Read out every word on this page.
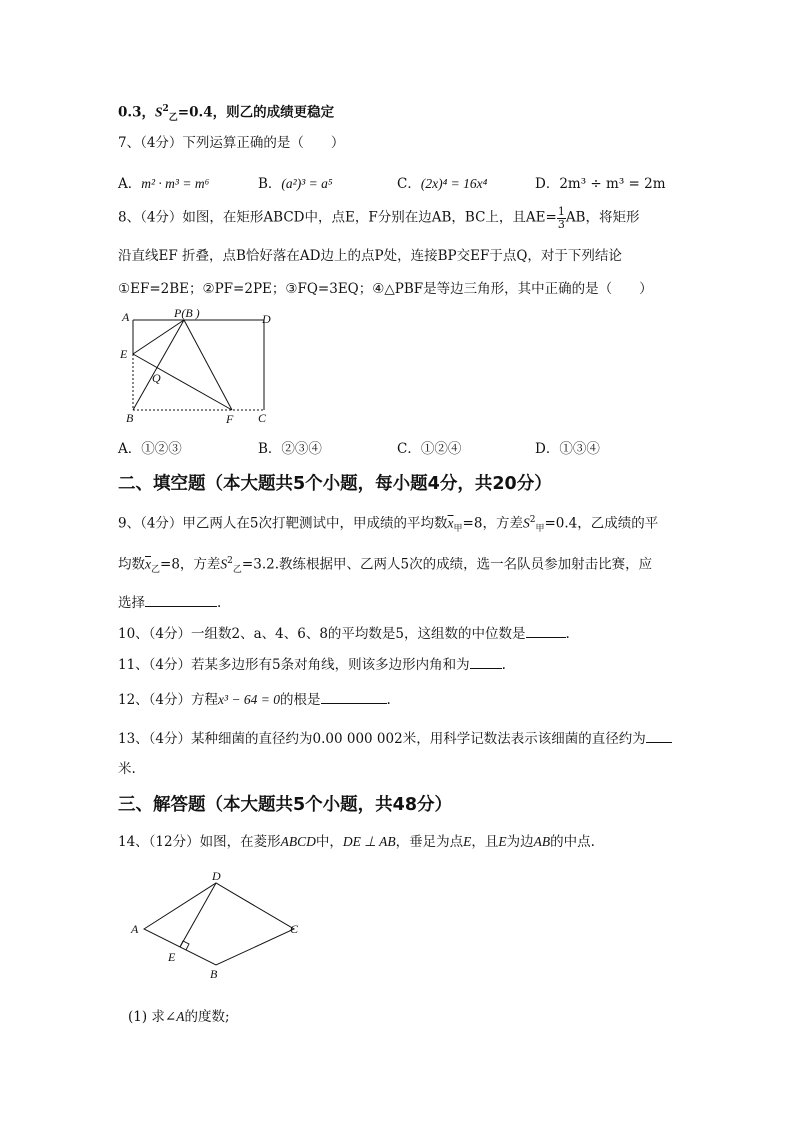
0.3，$S^2_乙=0.4$，则乙的成绩更稳定
7、（4分）下列运算正确的是（　　）
A．m² · m³ = m⁶	B．(a²)³ = a⁵	C．(2x)⁴ = 16x⁴	D．2m³ ÷ m³ = 2m
8、（4分）如图，在矩形ABCD中，点E，F分别在边AB，BC上，且$AE= \frac{1}{3}$ AB，将矩形
沿直线EF 折叠，点B恰好落在AD边上的点P处，连接BP交EF于点Q，对于下列结论
①EF=2BE；②PF=2PE；③FQ=3EQ；④△PBF是等边三角形，其中正确的是（　　）
A	P(B )	D
E
Q
B	F C
A．①②③	B．②③④	C．①②④	D．①③④
二、填空题（本大题共5个小题，每小题4分，共20分）
9、（4分）甲乙两人在5次打靶测试中，甲成绩的平均数$\overline{x}_甲=8$，方差$S^2_甲=0.4$，乙成绩的平
均数$\overline{x}_乙=8$，方差$S^2_乙=3.2$.教练根据甲、乙两人5次的成绩，选一名队员参加射击比赛，应
选择	.
10、（4分）一组数2、a、4、6、8的平均数是5，这组数的中位数是	.
11、（4分）若某多边形有5条对角线，则该多边形内角和为 .
12、（4分）方程x³ − 64 = 0的根是	.
13、（4分）某种细菌的直径约为0.00 000 002米，用科学记数法表示该细菌的直径约为
米.
三、解答题（本大题共5个小题，共48分）
14、（12分）如图，在菱形ABCD中，DE ⊥ AB，垂足为点E，且E为边AB的中点.
D
A	C
E
B
(1) 求∠A的度数;
